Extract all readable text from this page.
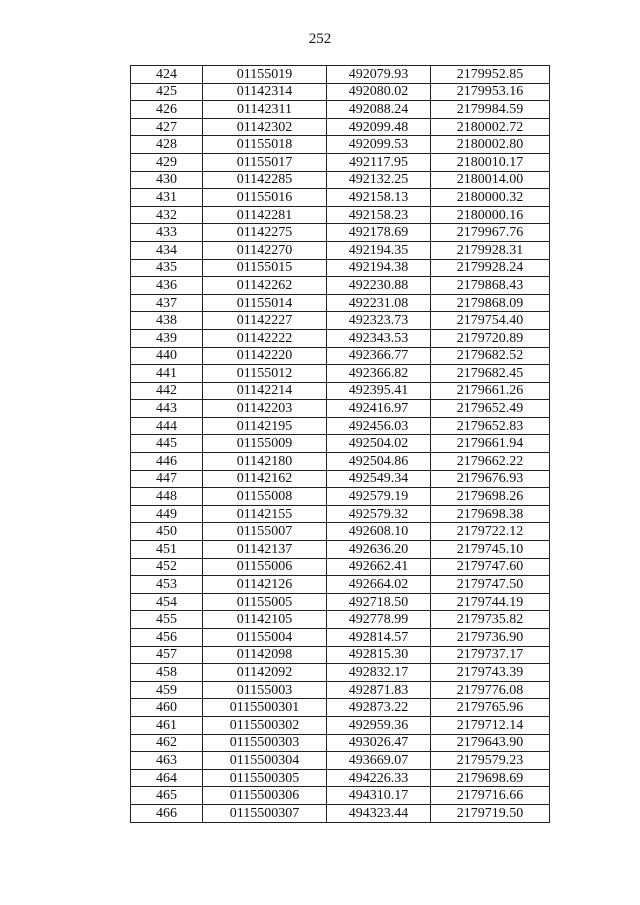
252
424	01155019	492079.93	2179952.85
425	01142314	492080.02	2179953.16
426	01142311	492088.24	2179984.59
427	01142302	492099.48	2180002.72
428	01155018	492099.53	2180002.80
429	01155017	492117.95	2180010.17
430	01142285	492132.25	2180014.00
431	01155016	492158.13	2180000.32
432	01142281	492158.23	2180000.16
433	01142275	492178.69	2179967.76
434	01142270	492194.35	2179928.31
435	01155015	492194.38	2179928.24
436	01142262	492230.88	2179868.43
437	01155014	492231.08	2179868.09
438	01142227	492323.73	2179754.40
439	01142222	492343.53	2179720.89
440	01142220	492366.77	2179682.52
441	01155012	492366.82	2179682.45
442	01142214	492395.41	2179661.26
443	01142203	492416.97	2179652.49
444	01142195	492456.03	2179652.83
445	01155009	492504.02	2179661.94
446	01142180	492504.86	2179662.22
447	01142162	492549.34	2179676.93
448	01155008	492579.19	2179698.26
449	01142155	492579.32	2179698.38
450	01155007	492608.10	2179722.12
451	01142137	492636.20	2179745.10
452	01155006	492662.41	2179747.60
453	01142126	492664.02	2179747.50
454	01155005	492718.50	2179744.19
455	01142105	492778.99	2179735.82
456	01155004	492814.57	2179736.90
457	01142098	492815.30	2179737.17
458	01142092	492832.17	2179743.39
459	01155003	492871.83	2179776.08
460	0115500301	492873.22	2179765.96
461	0115500302	492959.36	2179712.14
462	0115500303	493026.47	2179643.90
463	0115500304	493669.07	2179579.23
464	0115500305	494226.33	2179698.69
465	0115500306	494310.17	2179716.66
466	0115500307	494323.44	2179719.50
